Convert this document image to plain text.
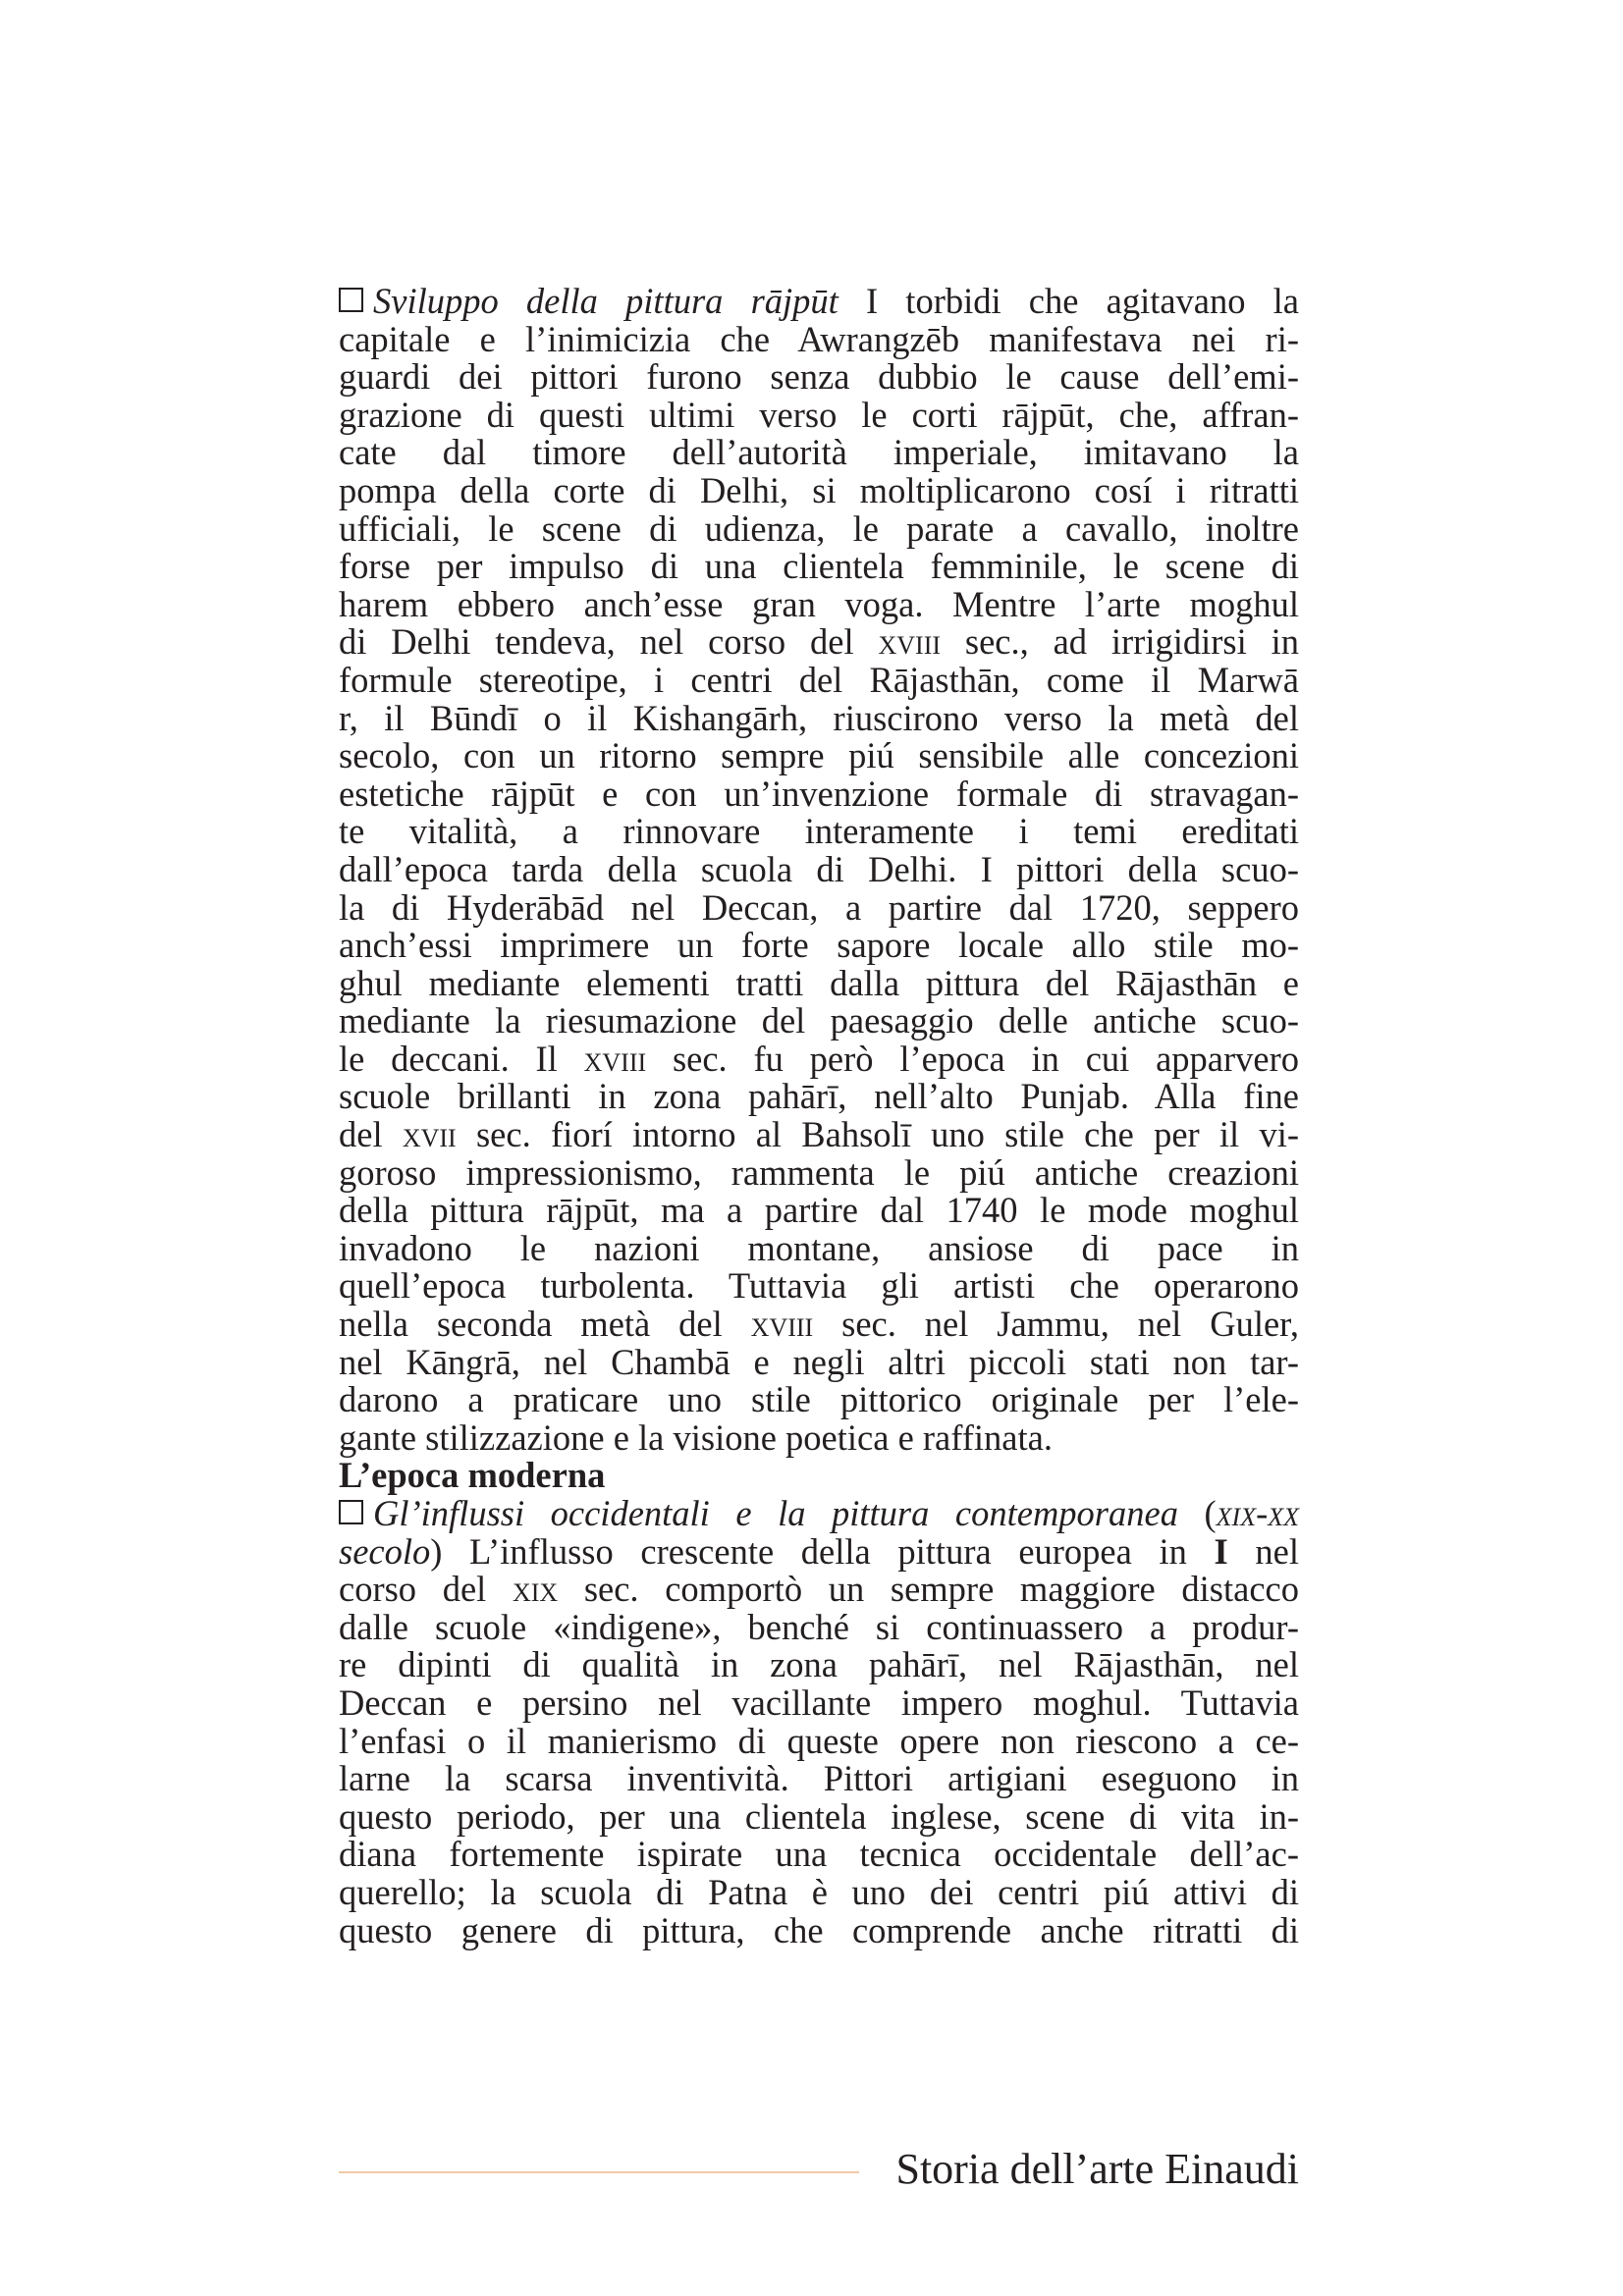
Sviluppo della pittura rājpūt I torbidi che agitavano la
capitale e l’inimicizia che Awrangzēb manifestava nei ri-
guardi dei pittori furono senza dubbio le cause dell’emi-
grazione di questi ultimi verso le corti rājpūt, che, affran-
cate dal timore dell’autorità imperiale, imitavano la
pompa della corte di Delhi, si moltiplicarono cosí i ritratti
ufficiali, le scene di udienza, le parate a cavallo, inoltre
forse per impulso di una clientela femminile, le scene di
harem ebbero anch’esse gran voga. Mentre l’arte moghul
di Delhi tendeva, nel corso del xviii sec., ad irrigidirsi in
formule stereotipe, i centri del Rājasthān, come il Marwā
r, il Būndī o il Kishangārh, riuscirono verso la metà del
secolo, con un ritorno sempre piú sensibile alle concezioni
estetiche rājpūt e con un’invenzione formale di stravagan-
te vitalità, a rinnovare interamente i temi ereditati
dall’epoca tarda della scuola di Delhi. I pittori della scuo-
la di Hyderābād nel Deccan, a partire dal 1720, seppero
anch’essi imprimere un forte sapore locale allo stile mo-
ghul mediante elementi tratti dalla pittura del Rājasthān e
mediante la riesumazione del paesaggio delle antiche scuo-
le deccani. Il xviii sec. fu però l’epoca in cui apparvero
scuole brillanti in zona pahārī, nell’alto Punjab. Alla fine
del xvii sec. fiorí intorno al Bahsolī uno stile che per il vi-
goroso impressionismo, rammenta le piú antiche creazioni
della pittura rājpūt, ma a partire dal 1740 le mode moghul
invadono le nazioni montane, ansiose di pace in
quell’epoca turbolenta. Tuttavia gli artisti che operarono
nella seconda metà del xviii sec. nel Jammu, nel Guler,
nel Kāngrā, nel Chambā e negli altri piccoli stati non tar-
darono a praticare uno stile pittorico originale per l’ele-
gante stilizzazione e la visione poetica e raffinata.
L’epoca moderna
Gl’influssi occidentali e la pittura contemporanea (xix-xx
secolo) L’influsso crescente della pittura europea in I nel
corso del xix sec. comportò un sempre maggiore distacco
dalle scuole «indigene», benché si continuassero a produr-
re dipinti di qualità in zona pahārī, nel Rājasthān, nel
Deccan e persino nel vacillante impero moghul. Tuttavia
l’enfasi o il manierismo di queste opere non riescono a ce-
larne la scarsa inventività. Pittori artigiani eseguono in
questo periodo, per una clientela inglese, scene di vita in-
diana fortemente ispirate una tecnica occidentale dell’ac-
querello; la scuola di Patna è uno dei centri piú attivi di
questo genere di pittura, che comprende anche ritratti di
Storia dell’arte Einaudi
